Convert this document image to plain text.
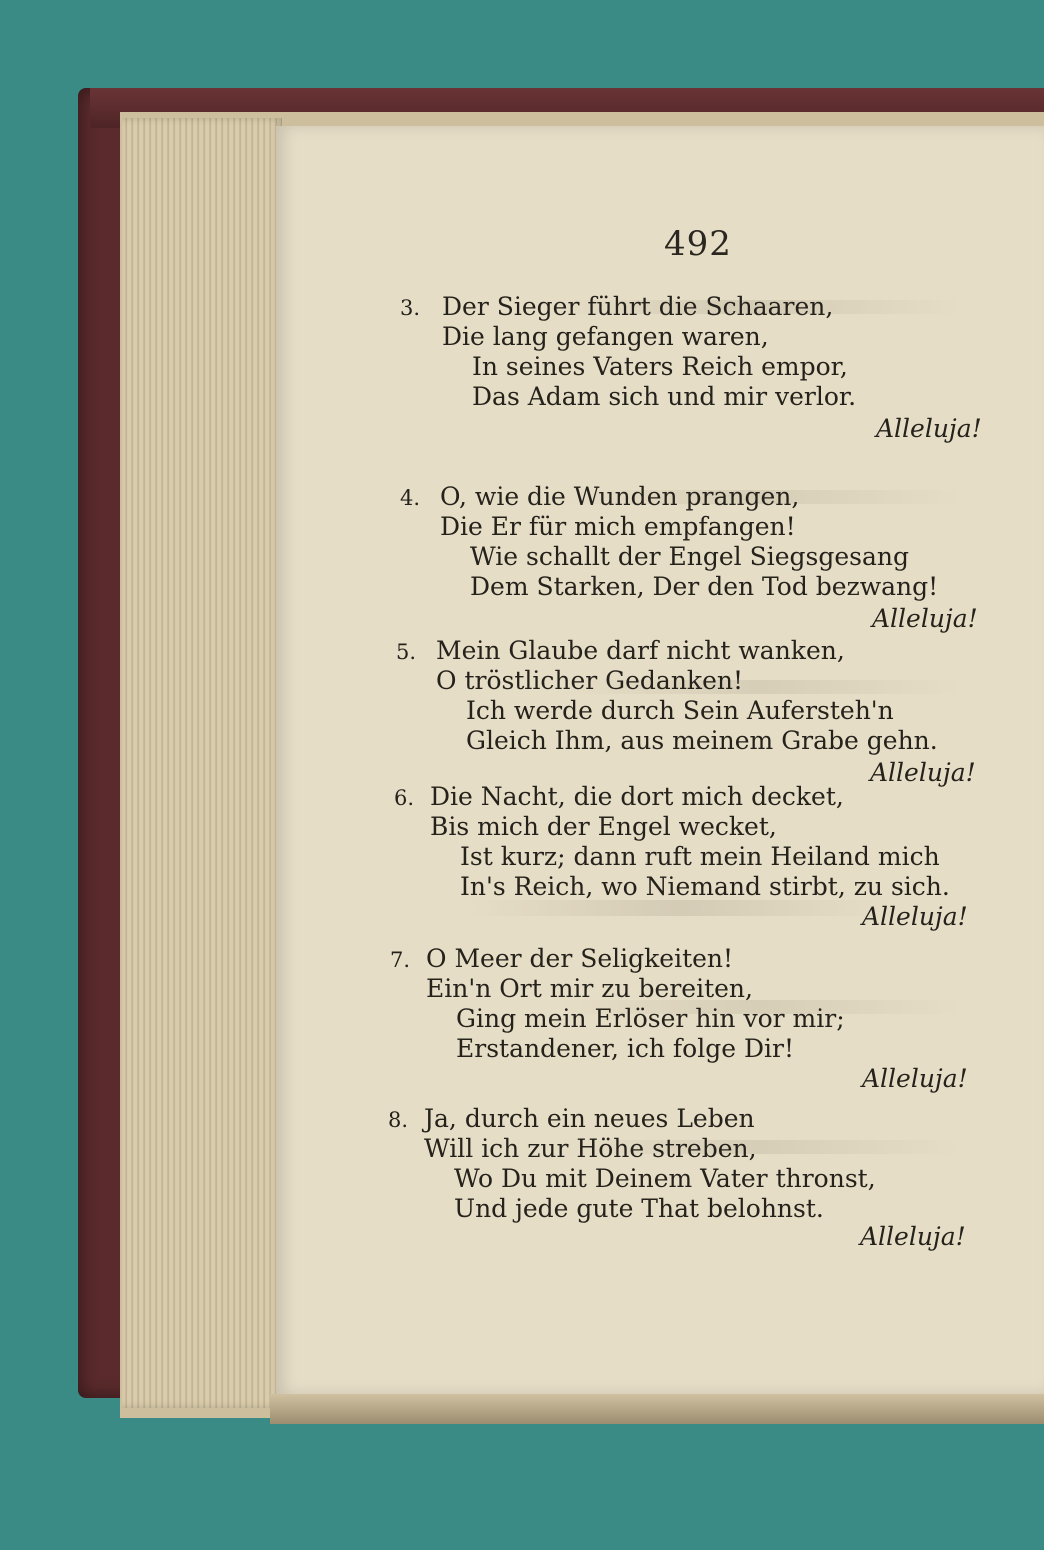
492
3. Der Sieger führt die Schaaren,
Die lang gefangen waren,
In seines Vaters Reich empor,
Das Adam sich und mir verlor.
Alleluja!
4. O, wie die Wunden prangen,
Die Er für mich empfangen!
Wie schallt der Engel Siegsgesang
Dem Starken, Der den Tod bezwang!
Alleluja!
5. Mein Glaube darf nicht wanken,
O tröstlicher Gedanken!
Ich werde durch Sein Aufersteh'n
Gleich Ihm, aus meinem Grabe gehn.
Alleluja!
6. Die Nacht, die dort mich decket,
Bis mich der Engel wecket,
Ist kurz; dann ruft mein Heiland mich
In's Reich, wo Niemand stirbt, zu sich.
Alleluja!
7. O Meer der Seligkeiten!
Ein'n Ort mir zu bereiten,
Ging mein Erlöser hin vor mir;
Erstandener, ich folge Dir!
Alleluja!
8. Ja, durch ein neues Leben
Will ich zur Höhe streben,
Wo Du mit Deinem Vater thronst,
Und jede gute That belohnst.
Alleluja!
